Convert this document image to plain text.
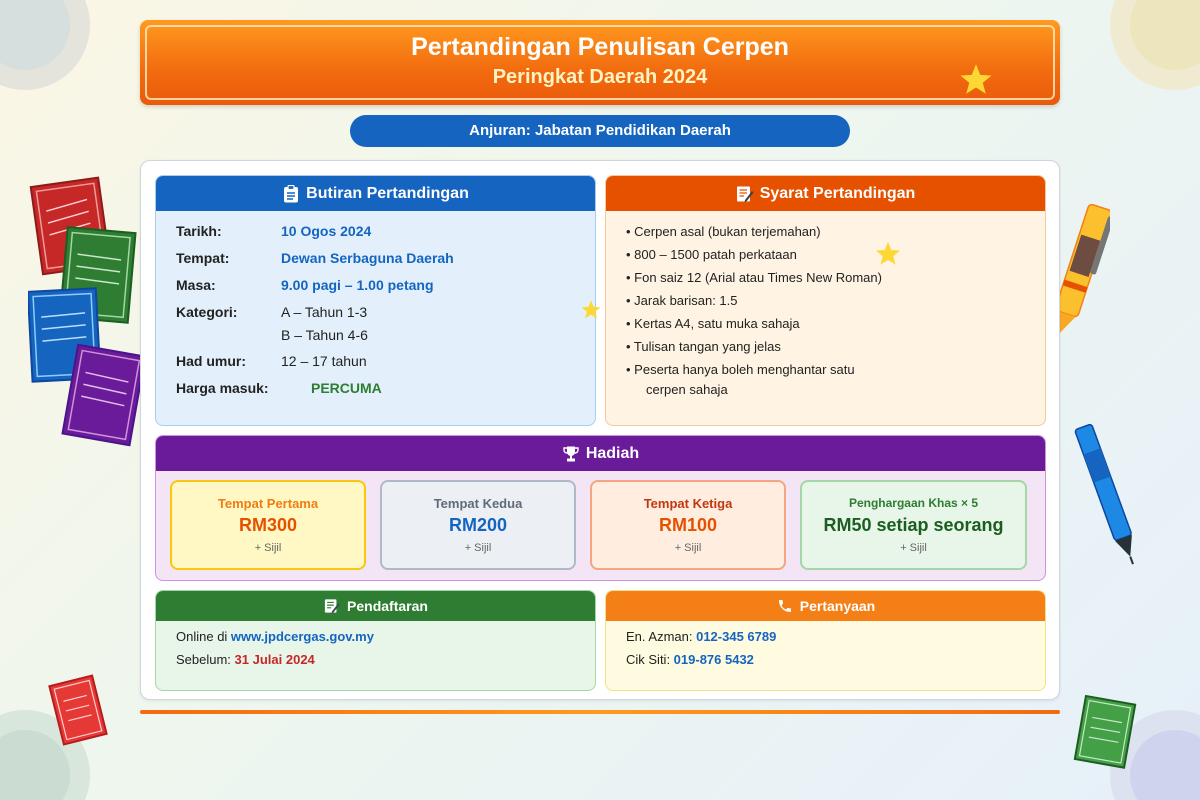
Pertandingan Penulisan Cerpen
Peringkat Daerah 2024
Anjuran: Jabatan Pendidikan Daerah
Butiran Pertandingan
Tarikh:	10 Ogos 2024
Tempat:	Dewan Serbaguna Daerah
Masa:	9.00 pagi – 1.00 petang
Kategori:	A – Tahun 1-3
B – Tahun 4-6
Had umur:	12 – 17 tahun
Harga masuk:	PERCUMA
Syarat Pertandingan
• Cerpen asal (bukan terjemahan)
• 800 – 1500 patah perkataan
• Fon saiz 12 (Arial atau Times New Roman)
• Jarak barisan: 1.5
• Kertas A4, satu muka sahaja
• Tulisan tangan yang jelas
• Peserta hanya boleh menghantar satu
cerpen sahaja
Hadiah
Tempat Pertama
RM300
+ Sijil
Tempat Kedua
RM200
+ Sijil
Tempat Ketiga
RM100
+ Sijil
Penghargaan Khas × 5
RM50 setiap seorang
+ Sijil
Pendaftaran
Online di www.jpdcergas.gov.my
Sebelum: 31 Julai 2024
Pertanyaan
En. Azman: 012-345 6789
Cik Siti: 019-876 5432
